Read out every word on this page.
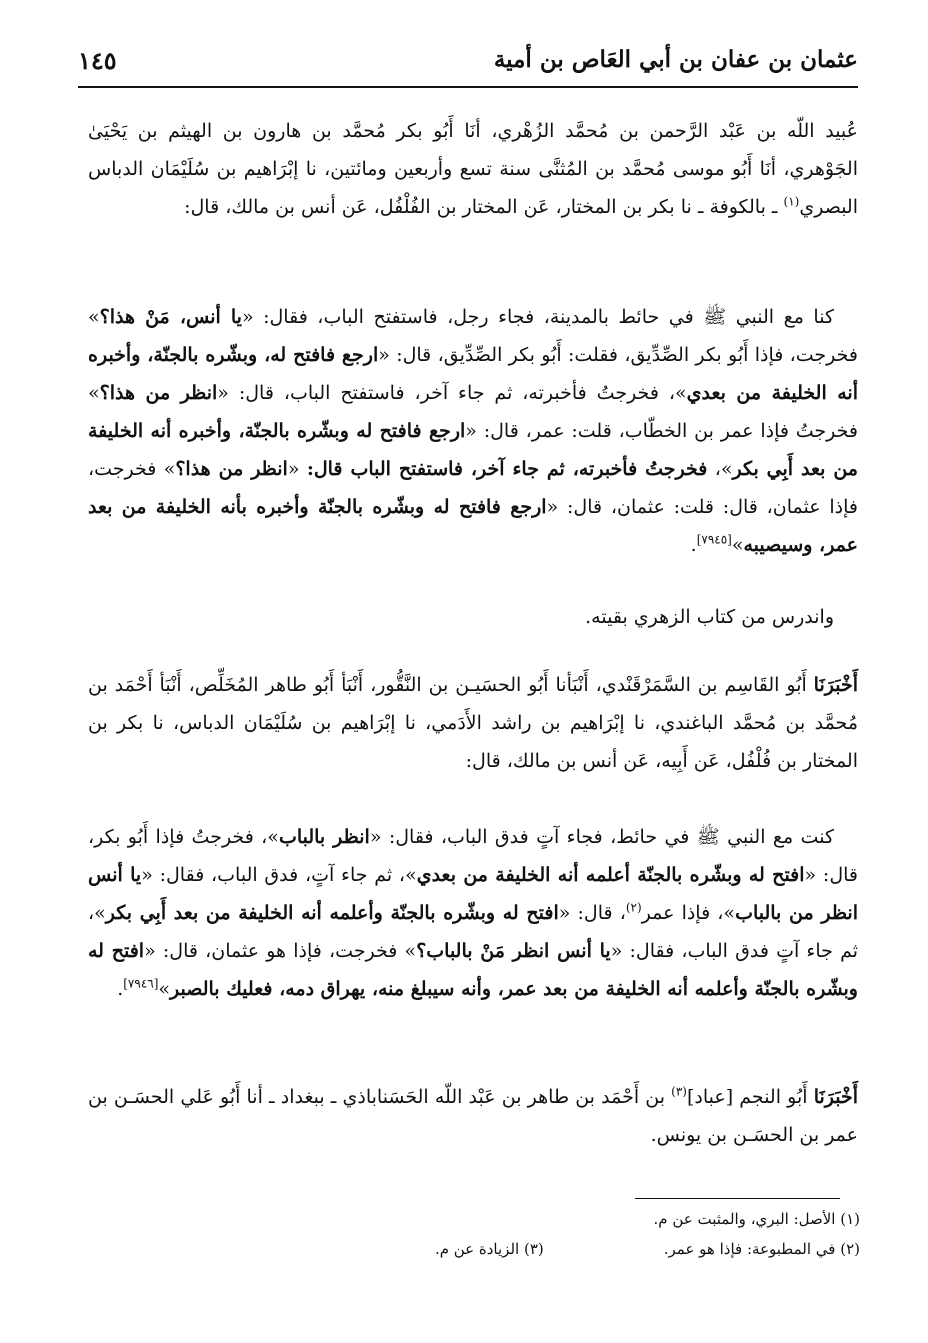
عثمان بن عفان بن أبي العَاص بن أمية
١٤٥

عُبيد اللّه بن عَبْد الرَّحمن بن مُحمَّد الزُهْري، أنَا أَبُو بكر مُحمَّد بن هارون بن الهيثم بن يَحْيَىٰ الجَوْهري، أنَا أَبُو موسى مُحمَّد بن المُثنَّى سنة تسع وأربعين ومائتين، نا إبْرَاهيم بن سُلَيْمَان الدباس البصري$^{(١)}$ ـ بالكوفة ـ نا بكر بن المختار، عَن المختار بن الفُلْفُل، عَن أنس بن مالك، قال:

كنا مع النبي ﷺ في حائط بالمدينة، فجاء رجل، فاستفتح الباب، فقال: «يا أنس، مَنْ هذا؟» فخرجت، فإذا أَبُو بكر الصِّدِّيق، فقلت: أَبُو بكر الصِّدِّيق، قال: «ارجع فافتح له، وبشّره بالجنّة، وأخبره أنه الخليفة من بعدي»، فخرجتُ فأخبرته، ثم جاء آخر، فاستفتح الباب، قال: «انظر من هذا؟» فخرجتُ فإذا عمر بن الخطّاب، قلت: عمر، قال: «ارجع فافتح له وبشّره بالجنّة، وأخبره أنه الخليفة من بعد أَبِي بكر»، فخرجتُ فأخبرته، ثم جاء آخر، فاستفتح الباب قال: «انظر من هذا؟» فخرجت، فإذا عثمان، قال: قلت: عثمان، قال: «ارجع فافتح له وبشّره بالجنّة وأخبره بأنه الخليفة من بعد عمر، وسيصيبه»[٧٩٤٥].

واندرس من كتاب الزهري بقيته.

أَخْبَرَنَا أَبُو القَاسِم بن السَّمَرْقَنْدي، أَنْبَأنا أَبُو الحسَيـن بن النَّقُّور، أَنْبَأ أَبُو طاهر المُخَلِّص، أَنْبَأ أَحْمَد بن مُحمَّد بن مُحمَّد الباغندي، نا إبْرَاهيم بن راشد الأَدَمي، نا إبْرَاهيم بن سُلَيْمَان الدباس، نا بكر بن المختار بن فُلْفُل، عَن أَبِيه، عَن أنس بن مالك، قال:

كنت مع النبي ﷺ في حائط، فجاء آتٍ فدق الباب، فقال: «انظر بالباب»، فخرجتُ فإذا أَبُو بكر، قال: «افتح له وبشّره بالجنّة أعلمه أنه الخليفة من بعدي»، ثم جاء آتٍ، فدق الباب، فقال: «يا أنس انظر من بالباب»، فإذا عمر$^{(٢)}$، قال: «افتح له وبشّره بالجنّة وأعلمه أنه الخليفة من بعد أَبِي بكر»، ثم جاء آتٍ فدق الباب، فقال: «يا أنس انظر مَنْ بالباب؟» فخرجت، فإذا هو عثمان، قال: «افتح له وبشّره بالجنّة وأعلمه أنه الخليفة من بعد عمر، وأنه سيبلغ منه، يهراق دمه، فعليك بالصبر»[٧٩٤٦].

أَخْبَرَنَا أَبُو النجم [عباد]$^{(٣)}$ بن أَحْمَد بن طاهر بن عَبْد اللّه الحَسَناباذي ـ ببغداد ـ أنا أَبُو عَلي الحسَـن بن عمر بن الحسَـن بن يونس.

(١) الأصل: البري، والمثبت عن م.
(٢) في المطبوعة: فإذا هو عمر.(٣) الزيادة عن م.
